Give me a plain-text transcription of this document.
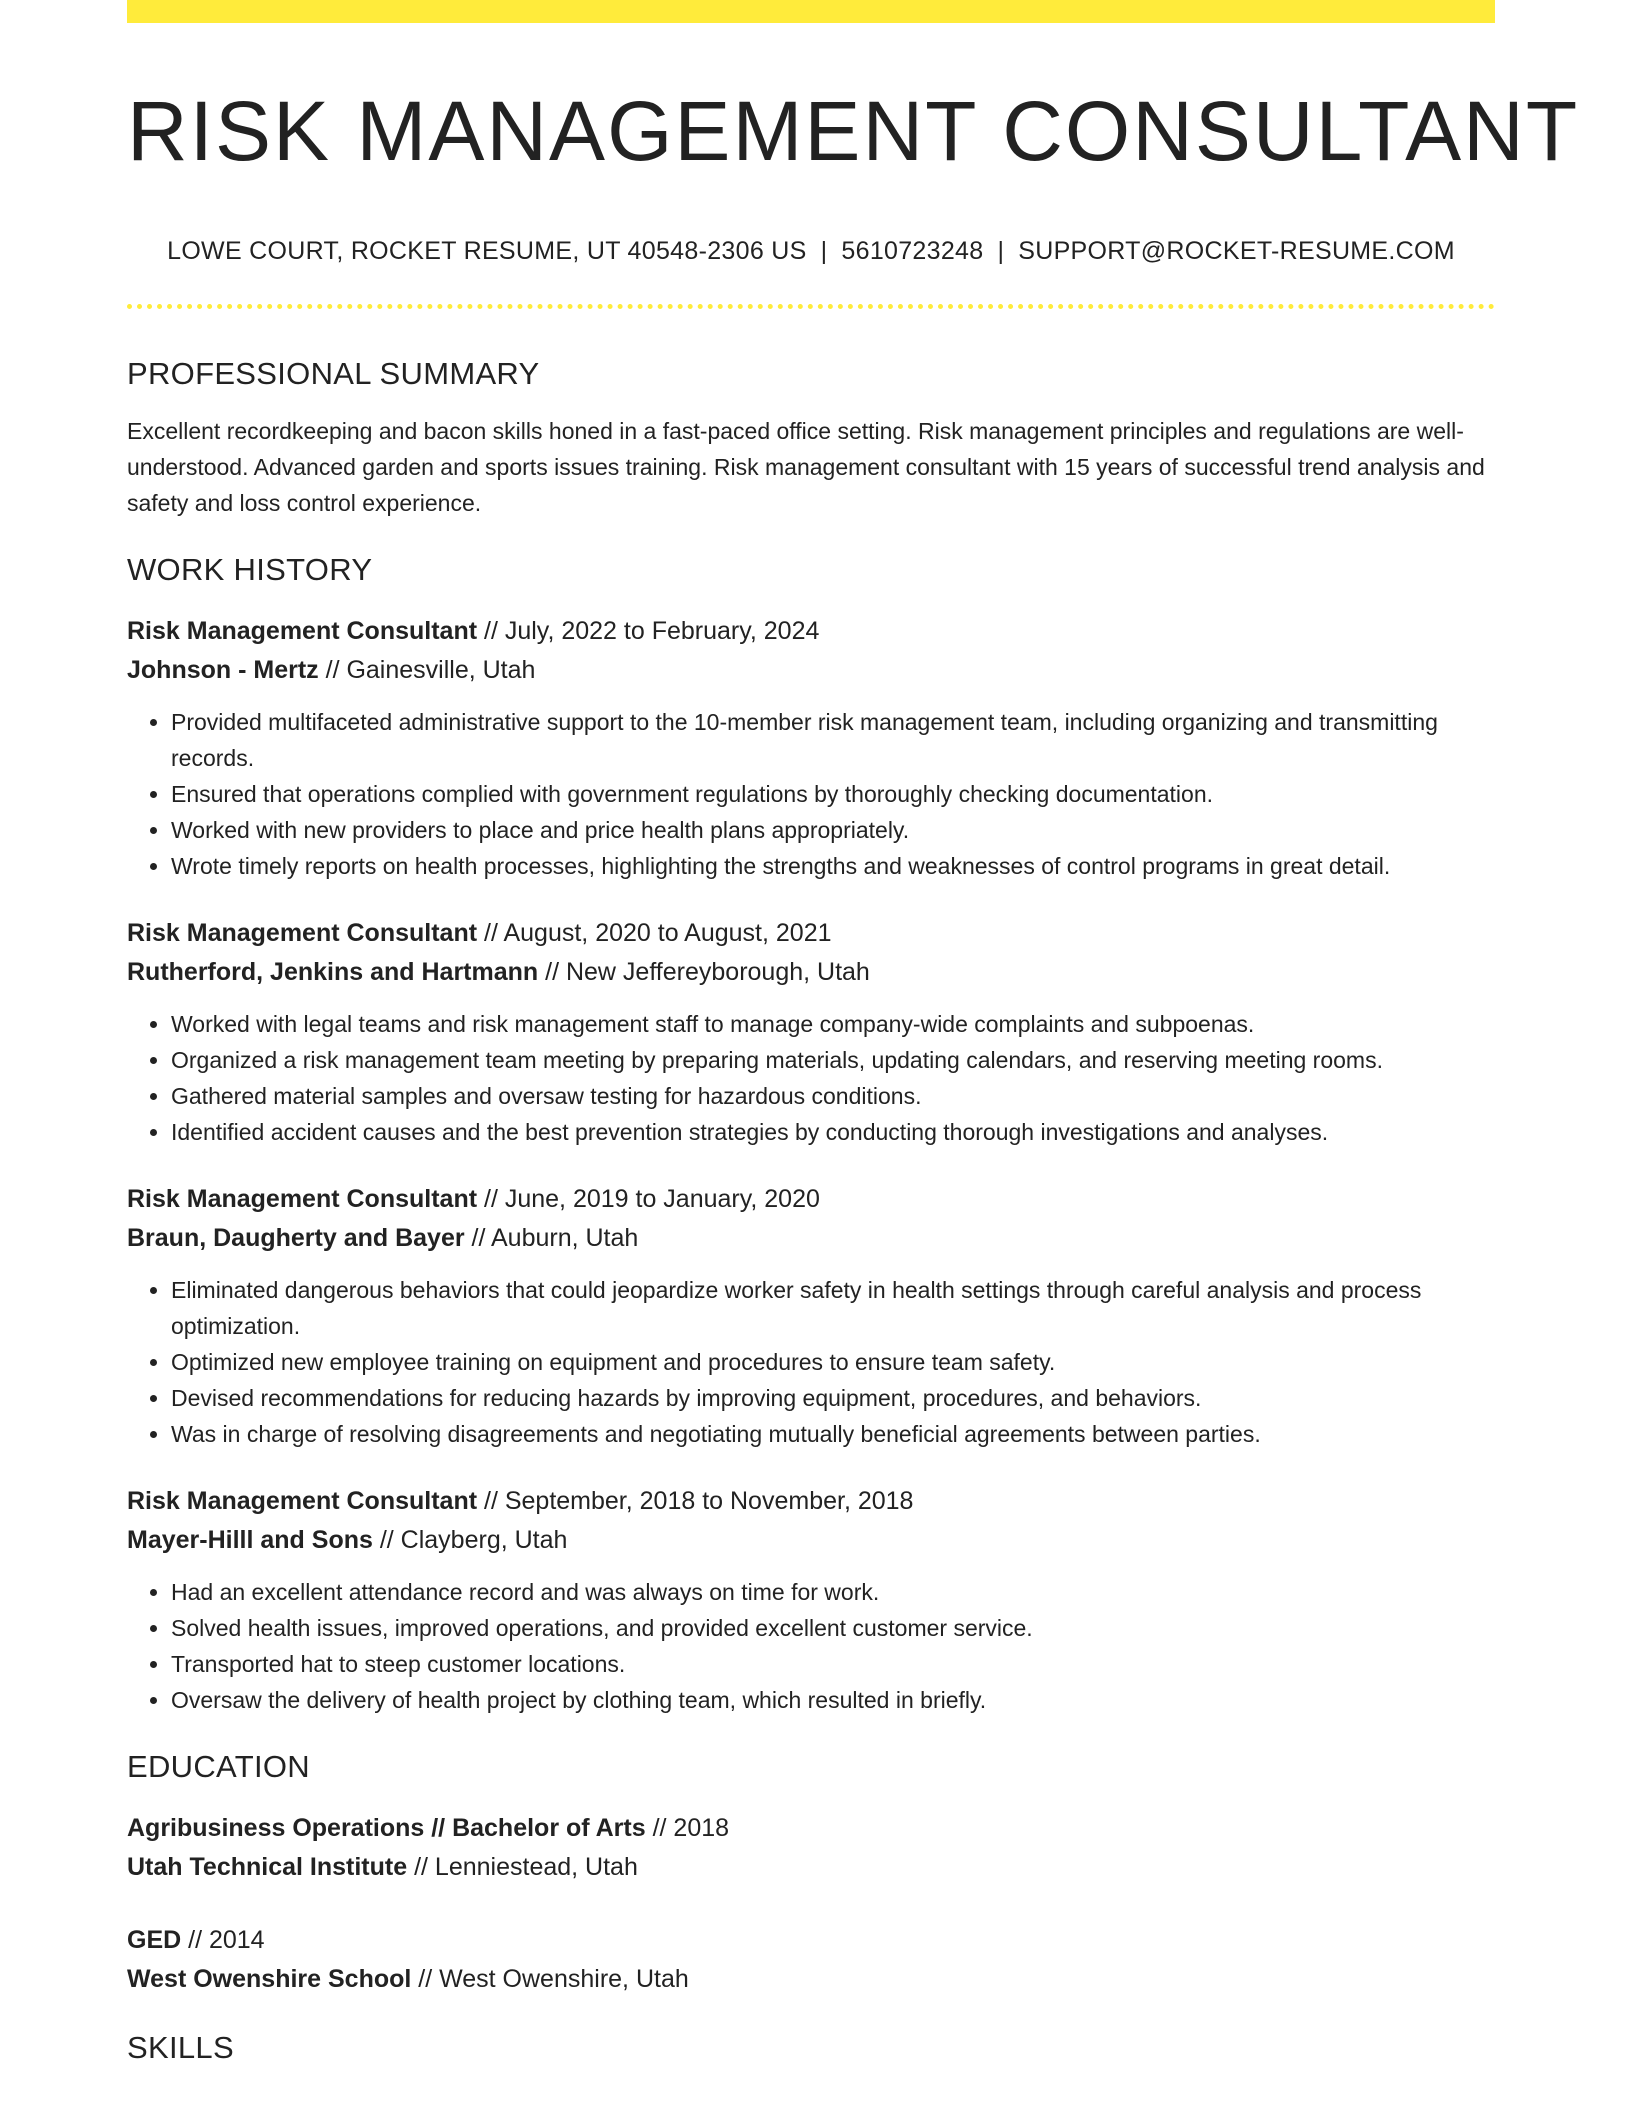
RISK MANAGEMENT CONSULTANT
LOWE COURT, ROCKET RESUME, UT 40548-2306 US | 5610723248 | SUPPORT@ROCKET-RESUME.COM
PROFESSIONAL SUMMARY
Excellent recordkeeping and bacon skills honed in a fast-paced office setting. Risk management principles and regulations are well-understood. Advanced garden and sports issues training. Risk management consultant with 15 years of successful trend analysis and safety and loss control experience.
WORK HISTORY
Risk Management Consultant // July, 2022 to February, 2024
Johnson - Mertz // Gainesville, Utah
• Provided multifaceted administrative support to the 10-member risk management team, including organizing and transmitting records.
• Ensured that operations complied with government regulations by thoroughly checking documentation.
• Worked with new providers to place and price health plans appropriately.
• Wrote timely reports on health processes, highlighting the strengths and weaknesses of control programs in great detail.
Risk Management Consultant // August, 2020 to August, 2021
Rutherford, Jenkins and Hartmann // New Jeffereyborough, Utah
• Worked with legal teams and risk management staff to manage company-wide complaints and subpoenas.
• Organized a risk management team meeting by preparing materials, updating calendars, and reserving meeting rooms.
• Gathered material samples and oversaw testing for hazardous conditions.
• Identified accident causes and the best prevention strategies by conducting thorough investigations and analyses.
Risk Management Consultant // June, 2019 to January, 2020
Braun, Daugherty and Bayer // Auburn, Utah
• Eliminated dangerous behaviors that could jeopardize worker safety in health settings through careful analysis and process optimization.
• Optimized new employee training on equipment and procedures to ensure team safety.
• Devised recommendations for reducing hazards by improving equipment, procedures, and behaviors.
• Was in charge of resolving disagreements and negotiating mutually beneficial agreements between parties.
Risk Management Consultant // September, 2018 to November, 2018
Mayer-Hilll and Sons // Clayberg, Utah
• Had an excellent attendance record and was always on time for work.
• Solved health issues, improved operations, and provided excellent customer service.
• Transported hat to steep customer locations.
• Oversaw the delivery of health project by clothing team, which resulted in briefly.
EDUCATION
Agribusiness Operations // Bachelor of Arts // 2018
Utah Technical Institute // Lenniestead, Utah
GED // 2014
West Owenshire School // West Owenshire, Utah
SKILLS
